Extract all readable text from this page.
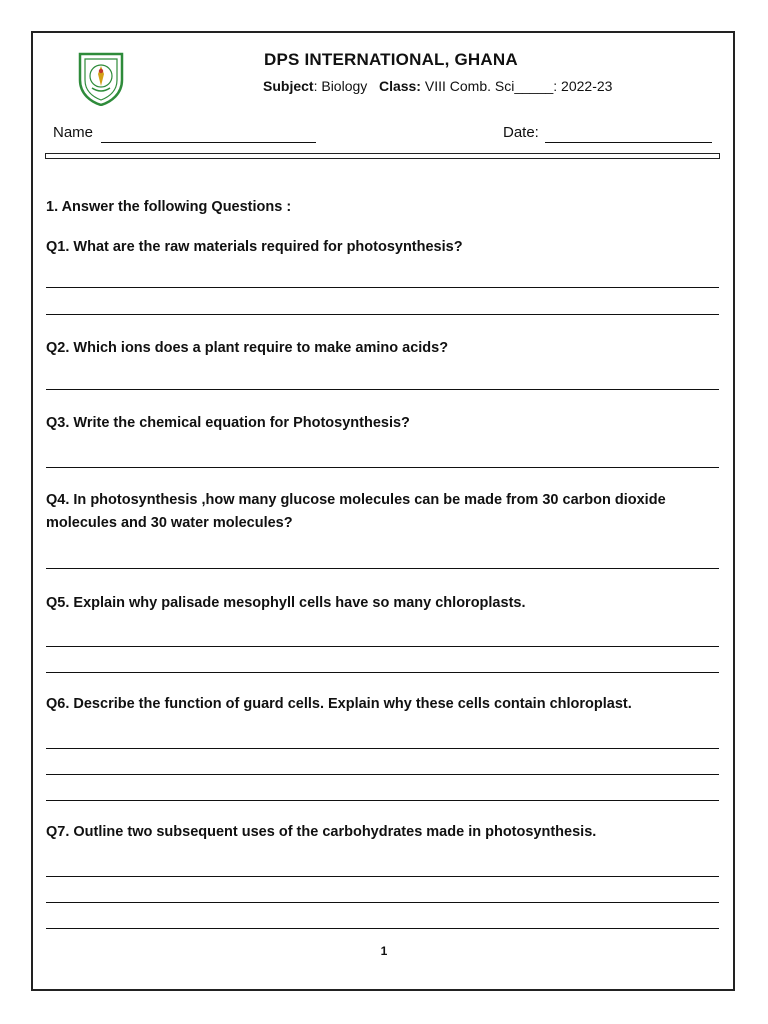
DPS INTERNATIONAL, GHANA
Subject: Biology Class: VIII Comb. Sci_____: 2022-23
Name	Date:
1. Answer the following Questions :
Q1. What are the raw materials required for photosynthesis?
Q2. Which ions does a plant require to make amino acids?
Q3. Write the chemical equation for Photosynthesis?
Q4. In photosynthesis ,how many glucose molecules can be made from 30 carbon dioxide molecules and 30 water molecules?
Q5. Explain why palisade mesophyll cells have so many chloroplasts.
Q6. Describe the function of guard cells. Explain why these cells contain chloroplast.
Q7. Outline two subsequent uses of the carbohydrates made in photosynthesis.
1
